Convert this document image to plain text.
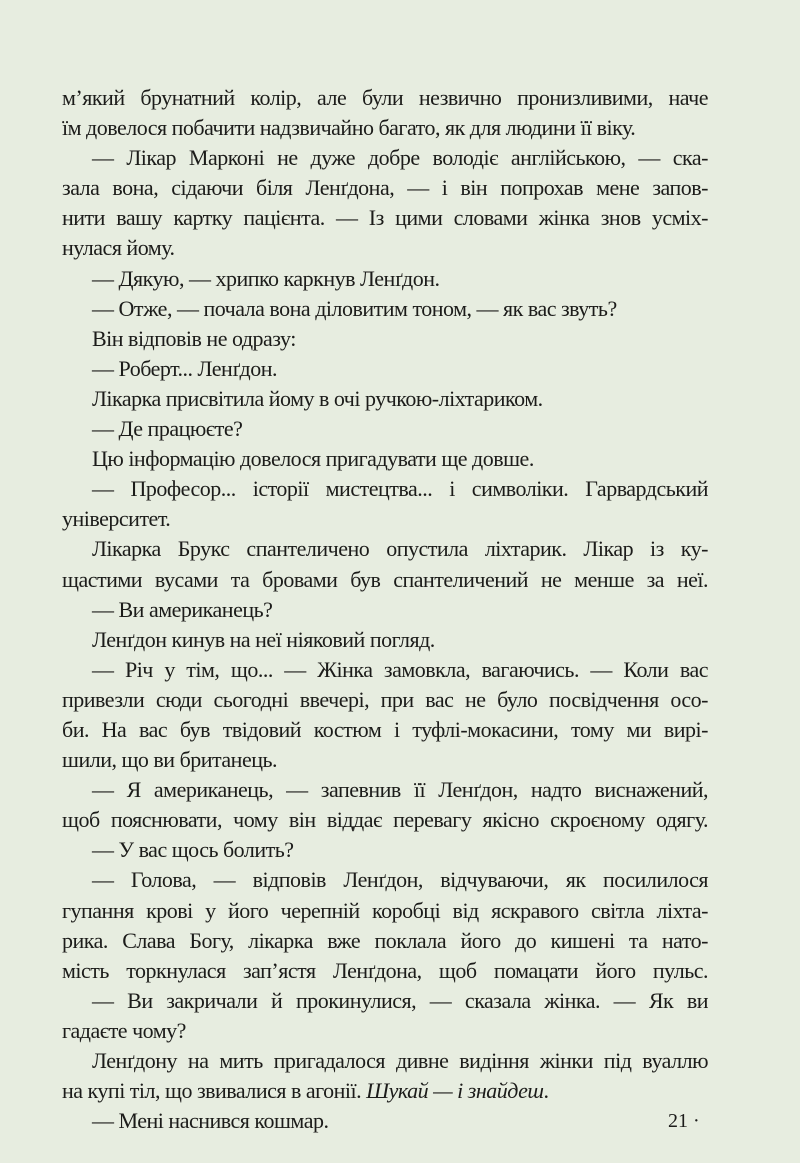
м’який брунатний колір, але були незвично пронизливими, наче
їм довелося побачити надзвичайно багато, як для людини її віку.
— Лікар Марконі не дуже добре володіє англійською, — ска-
зала вона, сідаючи біля Ленґдона, — і він попрохав мене запов-
нити вашу картку пацієнта. — Із цими словами жінка знов усміх-
нулася йому.
— Дякую, — хрипко каркнув Ленґдон.
— Отже, — почала вона діловитим тоном, — як вас звуть?
Він відповів не одразу:
— Роберт... Ленґдон.
Лікарка присвітила йому в очі ручкою-ліхтариком.
— Де працюєте?
Цю інформацію довелося пригадувати ще довше.
— Професор... історії мистецтва... і символіки. Гарвардський
університет.
Лікарка Брукс спантеличено опустила ліхтарик. Лікар із ку-
щастими вусами та бровами був спантеличений не менше за неї.
— Ви американець?
Ленґдон кинув на неї ніяковий погляд.
— Річ у тім, що... — Жінка замовкла, вагаючись. — Коли вас
привезли сюди сьогодні ввечері, при вас не було посвідчення осо-
би. На вас був твідовий костюм і туфлі-мокасини, тому ми вирі-
шили, що ви британець.
— Я американець, — запевнив її Ленґдон, надто виснажений,
щоб пояснювати, чому він віддає перевагу якісно скроєному одягу.
— У вас щось болить?
— Голова, — відповів Ленґдон, відчуваючи, як посилилося
гупання крові у його черепній коробці від яскравого світла ліхта-
рика. Слава Богу, лікарка вже поклала його до кишені та нато-
мість торкнулася зап’ястя Ленґдона, щоб помацати його пульс.
— Ви закричали й прокинулися, — сказала жінка. — Як ви
гадаєте чому?
Ленґдону на мить пригадалося дивне видіння жінки під вуаллю
на купі тіл, що звивалися в агонії. Шукай — і знайдеш.
— Мені наснився кошмар.	21 ·
